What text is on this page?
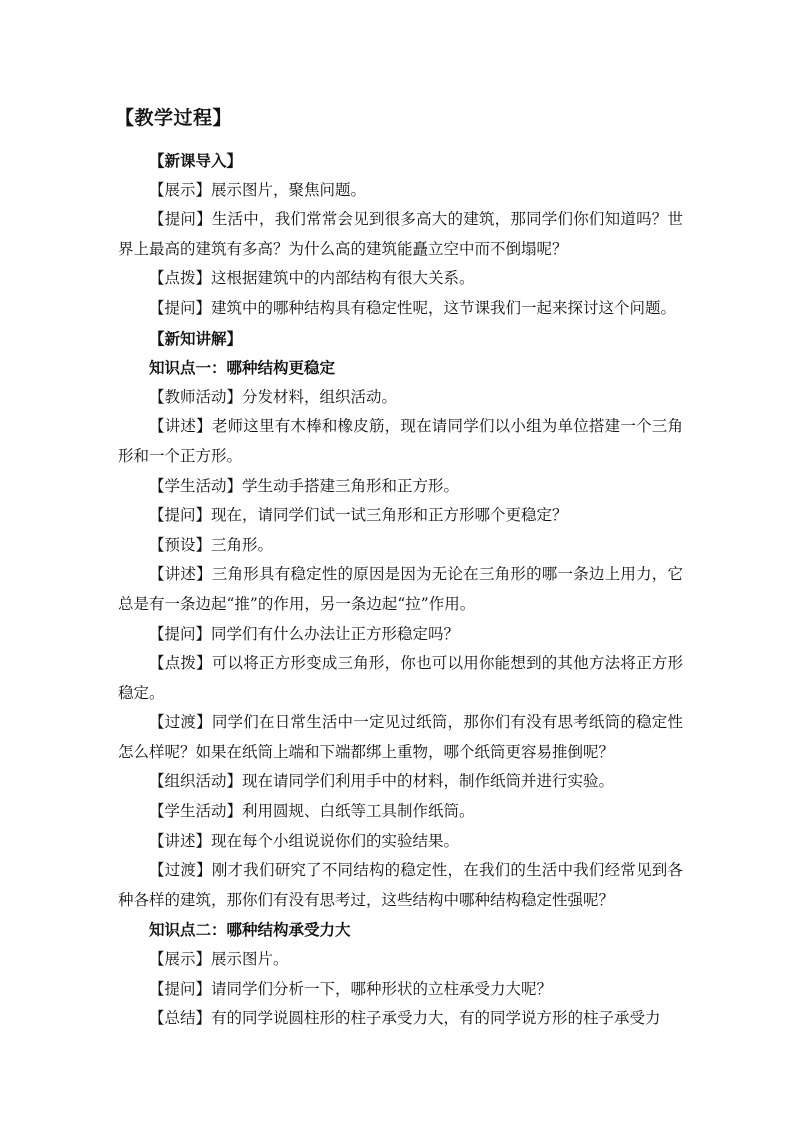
【教学过程】

【新课导入】

【展示】展示图片，聚焦问题。

【提问】生活中，我们常常会见到很多高大的建筑，那同学们你们知道吗？世界上最高的建筑有多高？为什么高的建筑能矗立空中而不倒塌呢？

【点拨】这根据建筑中的内部结构有很大关系。

【提问】建筑中的哪种结构具有稳定性呢，这节课我们一起来探讨这个问题。

【新知讲解】

知识点一：哪种结构更稳定

【教师活动】分发材料，组织活动。

【讲述】老师这里有木棒和橡皮筋，现在请同学们以小组为单位搭建一个三角形和一个正方形。

【学生活动】学生动手搭建三角形和正方形。

【提问】现在，请同学们试一试三角形和正方形哪个更稳定？

【预设】三角形。

【讲述】三角形具有稳定性的原因是因为无论在三角形的哪一条边上用力，它总是有一条边起“推”的作用，另一条边起“拉”作用。

【提问】同学们有什么办法让正方形稳定吗？

【点拨】可以将正方形变成三角形，你也可以用你能想到的其他方法将正方形稳定。

【过渡】同学们在日常生活中一定见过纸筒，那你们有没有思考纸筒的稳定性怎么样呢？如果在纸筒上端和下端都绑上重物，哪个纸筒更容易推倒呢？

【组织活动】现在请同学们利用手中的材料，制作纸筒并进行实验。

【学生活动】利用圆规、白纸等工具制作纸筒。

【讲述】现在每个小组说说你们的实验结果。

【过渡】刚才我们研究了不同结构的稳定性，在我们的生活中我们经常见到各种各样的建筑，那你们有没有思考过，这些结构中哪种结构稳定性强呢？

知识点二：哪种结构承受力大

【展示】展示图片。

【提问】请同学们分析一下，哪种形状的立柱承受力大呢？

【总结】有的同学说圆柱形的柱子承受力大，有的同学说方形的柱子承受力
